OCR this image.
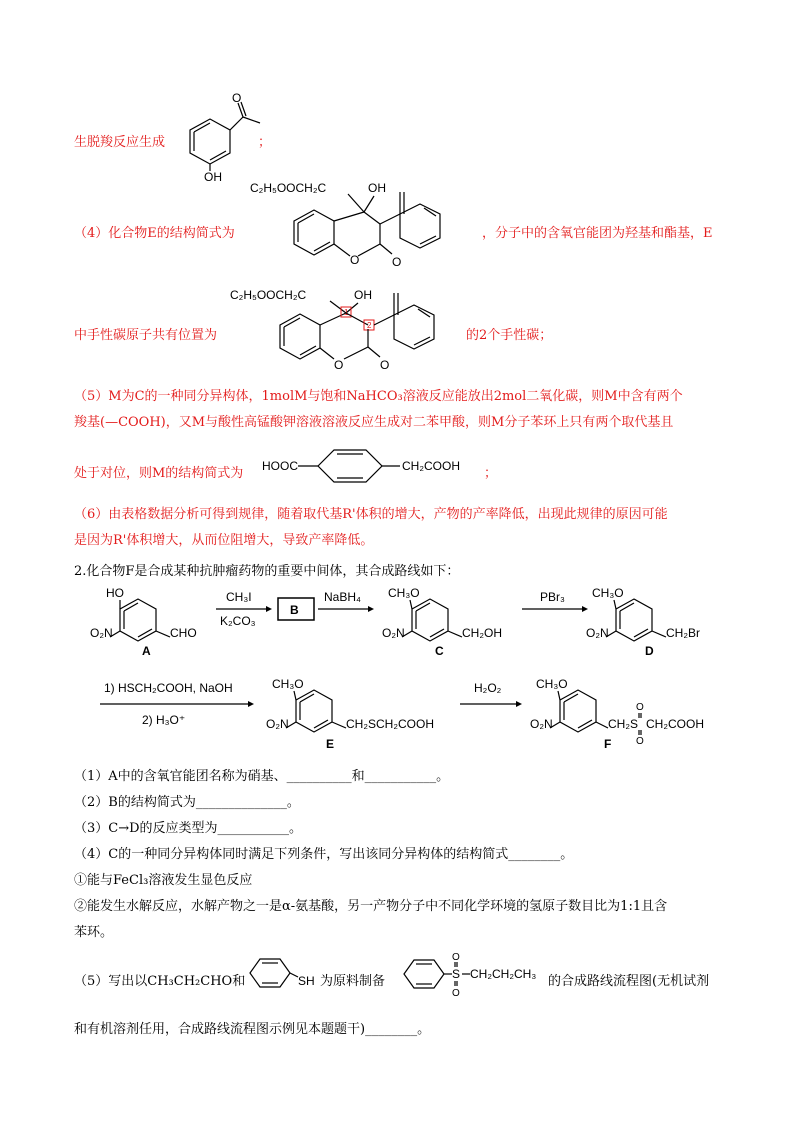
生脱羧反应生成
O
OH
；
（4）化合物E的结构简式为
C₂H₅OOCH₂C	OH
O	O
，分子中的含氧官能团为羟基和酯基，E
中手性碳原子共有位置为
C₂H₅OOCH₂C	OH
1
2
O	O
的2个手性碳；
（5）M为C的一种同分异构体，1molM与饱和NaHCO₃溶液反应能放出2mol二氧化碳，则M中含有两个
羧基(—COOH)，又M与酸性高锰酸钾溶液溶液反应生成对二苯甲酸，则M分子苯环上只有两个取代基且
处于对位，则M的结构简式为 HOOC	CH₂COOH ；
（6）由表格数据分析可得到规律，随着取代基R'体积的增大，产物的产率降低，出现此规律的原因可能
是因为R'体积增大，从而位阻增大，导致产率降低。
2.化合物F是合成某种抗肿瘤药物的重要中间体，其合成路线如下：
HO
O₂N	CHO
A
CH₃I
K₂CO₃
B
NaBH₄ CH₃O
O₂N	CH₂OH
C
PBr₃ CH₃O
O₂N	CH₂Br
D
1) HSCH₂COOH, NaOH
2) H₃O⁺
CH₃O
O₂N	CH₂SCH₂COOH
E
H₂O₂	CH₃O
O₂N	CH₂S
O
O
CH₂COOH
F
（1）A中的含氧官能团名称为硝基、__________和___________。
（2）B的结构简式为______________。
（3）C→D的反应类型为___________。
（4）C的一种同分异构体同时满足下列条件，写出该同分异构体的结构简式________。
①能与FeCl₃溶液发生显色反应
②能发生水解反应，水解产物之一是α-氨基酸，另一产物分子中不同化学环境的氢原子数目比为1:1且含
苯环。
（5）写出以CH₃CH₂CHO和	SH 为原料制备
O
S
O
CH₂CH₂CH₃ 的合成路线流程图(无机试剂
和有机溶剂任用，合成路线流程图示例见本题题干)________。
